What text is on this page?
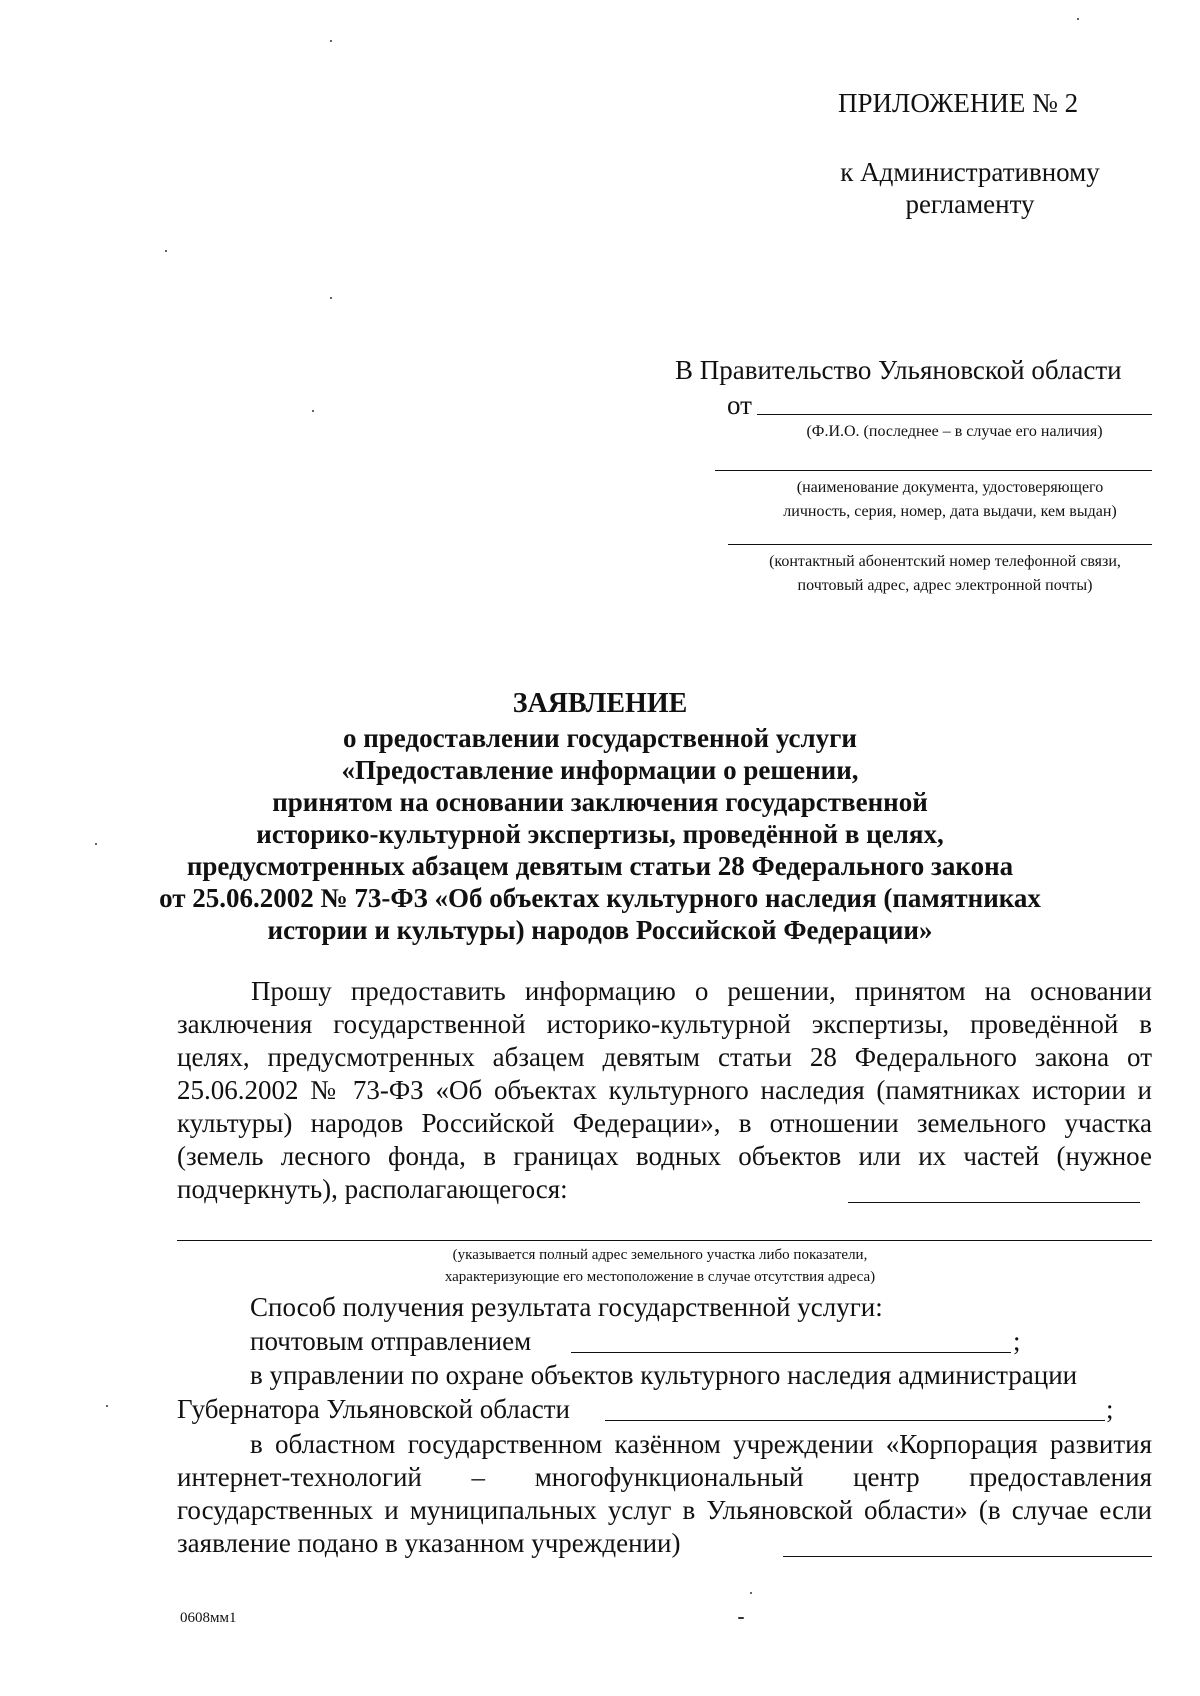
ПРИЛОЖЕНИЕ № 2
к Административному
регламенту
В Правительство Ульяновской области
от
(Ф.И.О. (последнее – в случае его наличия)
(наименование документа, удостоверяющего
личность, серия, номер, дата выдачи, кем выдан)
(контактный абонентский номер телефонной связи,
почтовый адрес, адрес электронной почты)
ЗАЯВЛЕНИЕ
о предоставлении государственной услуги
«Предоставление информации о решении,
принятом на основании заключения государственной
историко-культурной экспертизы, проведённой в целях,
предусмотренных абзацем девятым статьи 28 Федерального закона
от 25.06.2002 № 73-ФЗ «Об объектах культурного наследия (памятниках
истории и культуры) народов Российской Федерации»

Прошу предоставить информацию о решении, принятом на основании заключения государственной историко-культурной экспертизы, проведённой в целях, предусмотренных абзацем девятым статьи 28 Федерального закона от 25.06.2002 № 73-ФЗ «Об объектах культурного наследия (памятниках истории и культуры) народов Российской Федерации», в отношении земельного участка (земель лесного фонда, в границах водных объектов или их частей (нужное подчеркнуть), располагающегося:

(указывается полный адрес земельного участка либо показатели,
характеризующие его местоположение в случае отсутствия адреса)
Способ получения результата государственной услуги:
почтовым отправлением	;
в управлении по охране объектов культурного наследия администрации
Губернатора Ульяновской области	;

в областном государственном казённом учреждении «Корпорация развития интернет-технологий – многофункциональный центр предоставления государственных и муниципальных услуг в Ульяновской области» (в случае если заявление подано в указанном учреждении)

0608мм1
